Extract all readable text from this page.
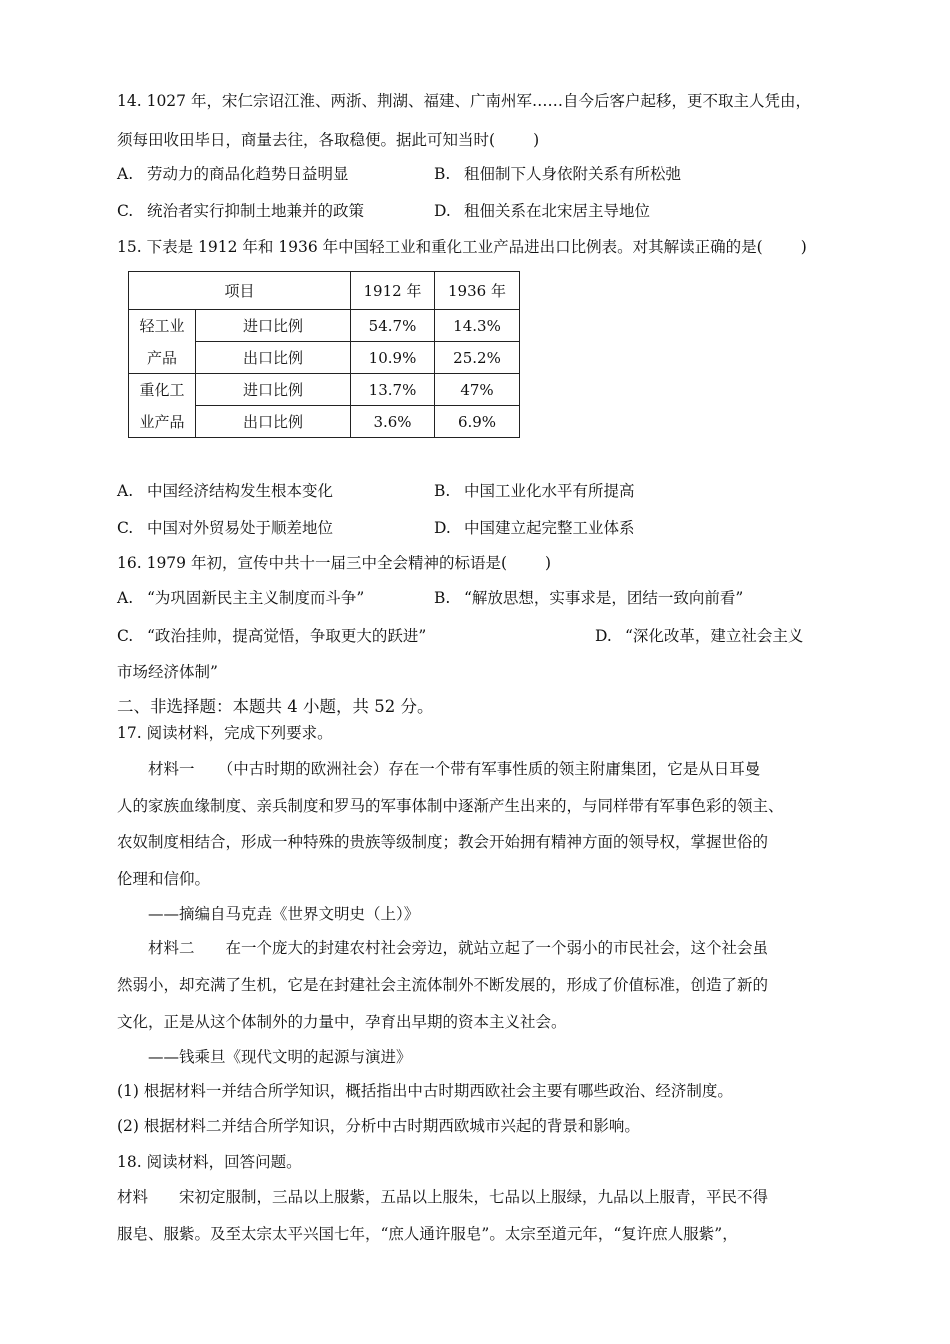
14. 1027 年，宋仁宗诏江淮、两浙、荆湖、福建、广南州军……自今后客户起移，更不取主人凭由，
须每田收田毕日，商量去往，各取稳便。据此可知当时( )
A. 劳动力的商品化趋势日益明显	B. 租佃制下人身依附关系有所松弛
C. 统治者实行抑制土地兼并的政策	D. 租佃关系在北宋居主导地位
15. 下表是 1912 年和 1936 年中国轻工业和重化工业产品进出口比例表。对其解读正确的是( )
项目		1912 年	1936 年

轻工业
产品	进口比例	54.7%	14.3%
	出口比例	10.9%	25.2%

重化工
业产品	进口比例	13.7%	47%
	出口比例	3.6%	6.9%
A. 中国经济结构发生根本变化	B. 中国工业化水平有所提高
C. 中国对外贸易处于顺差地位	D. 中国建立起完整工业体系
16. 1979 年初，宣传中共十一届三中全会精神的标语是( )
A. “为巩固新民主主义制度而斗争”	B. “解放思想，实事求是，团结一致向前看”
C. “政治挂帅，提高觉悟，争取更大的跃进”	D. “深化改革，建立社会主义
市场经济体制”
二、非选择题：本题共 4 小题，共 52 分。
17. 阅读材料，完成下列要求。
材料一　　（中古时期的欧洲社会）存在一个带有军事性质的领主附庸集团，它是从日耳曼
人的家族血缘制度、亲兵制度和罗马的军事体制中逐渐产生出来的，与同样带有军事色彩的领主、
农奴制度相结合，形成一种特殊的贵族等级制度；教会开始拥有精神方面的领导权，掌握世俗的
伦理和信仰。
——摘编自马克垚《世界文明史（上）》
材料二　　在一个庞大的封建农村社会旁边，就站立起了一个弱小的市民社会，这个社会虽
然弱小，却充满了生机，它是在封建社会主流体制外不断发展的，形成了价值标准，创造了新的
文化，正是从这个体制外的力量中，孕育出早期的资本主义社会。
——钱乘旦《现代文明的起源与演进》
(1) 根据材料一并结合所学知识，概括指出中古时期西欧社会主要有哪些政治、经济制度。
(2) 根据材料二并结合所学知识，分析中古时期西欧城市兴起的背景和影响。
18. 阅读材料，回答问题。
材料　　宋初定服制，三品以上服紫，五品以上服朱，七品以上服绿，九品以上服青，平民不得
服皂、服紫。及至太宗太平兴国七年，“庶人通许服皂”。太宗至道元年，“复许庶人服紫”，
